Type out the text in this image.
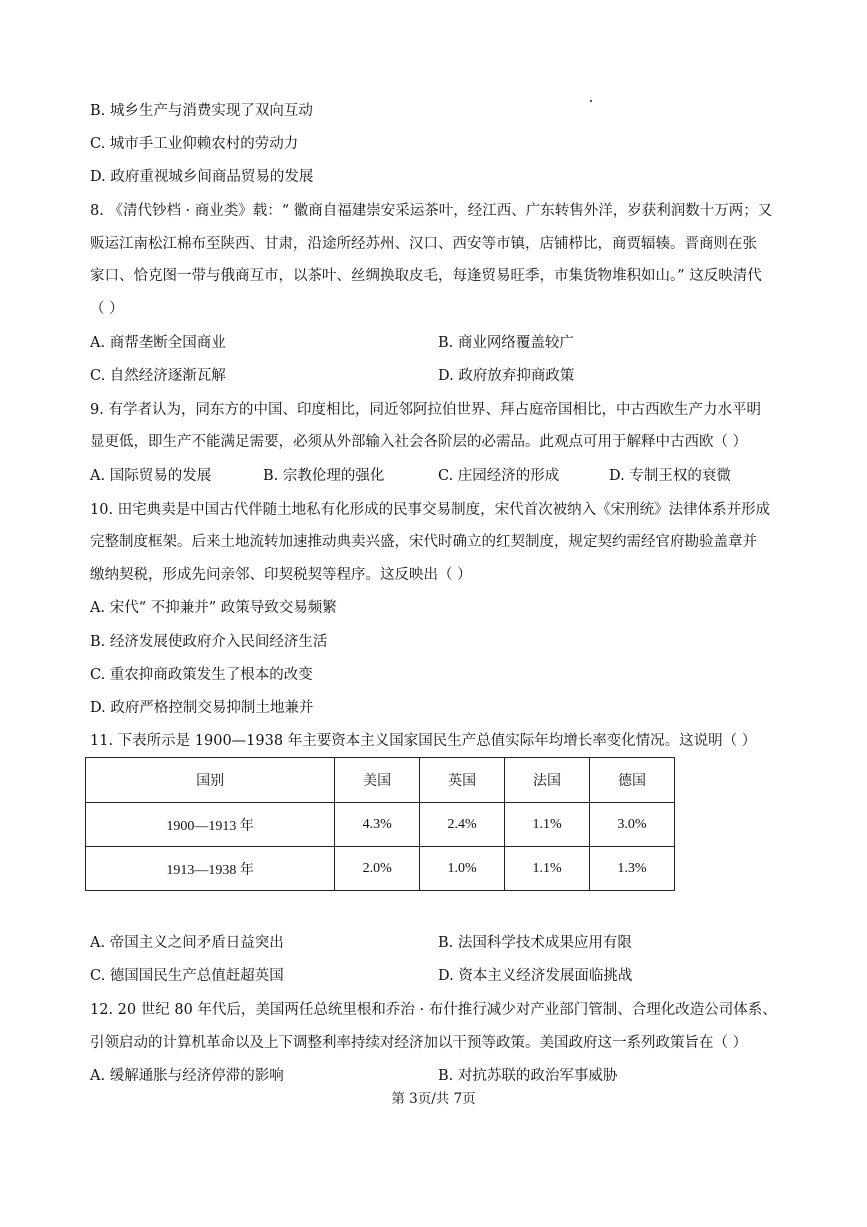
B. 城乡生产与消费实现了双向互动
C. 城市手工业仰赖农村的劳动力
D. 政府重视城乡间商品贸易的发展
8. 《清代钞档 · 商业类》载：“ 徽商自福建崇安采运茶叶，经江西、广东转售外洋，岁获利润数十万两；又
贩运江南松江棉布至陕西、甘肃，沿途所经苏州、汉口、西安等市镇，店铺栉比，商贾辐辏。晋商则在张
家口、恰克图一带与俄商互市，以茶叶、丝绸换取皮毛，每逢贸易旺季，市集货物堆积如山。” 这反映清代
（ ）
A. 商帮垄断全国商业	B. 商业网络覆盖较广
C. 自然经济逐渐瓦解	D. 政府放弃抑商政策
9. 有学者认为，同东方的中国、印度相比，同近邻阿拉伯世界、拜占庭帝国相比，中古西欧生产力水平明
显更低，即生产不能满足需要，必须从外部输入社会各阶层的必需品。此观点可用于解释中古西欧（ ）
A. 国际贸易的发展	B. 宗教伦理的强化	C. 庄园经济的形成	D. 专制王权的衰微
10. 田宅典卖是中国古代伴随土地私有化形成的民事交易制度，宋代首次被纳入《宋刑统》法律体系并形成
完整制度框架。后来土地流转加速推动典卖兴盛，宋代时确立的红契制度，规定契约需经官府勘验盖章并
缴纳契税，形成先问亲邻、印契税契等程序。这反映出（ ）
A. 宋代“ 不抑兼并” 政策导致交易频繁
B. 经济发展使政府介入民间经济生活
C. 重农抑商政策发生了根本的改变
D. 政府严格控制交易抑制土地兼并
11. 下表所示是 1900—1938 年主要资本主义国家国民生产总值实际年均增长率变化情况。这说明（ ）
国别	美国	英国	法国	德国
1900—1913 年	4.3%	2.4%	1.1%	3.0%
1913—1938 年	2.0%	1.0%	1.1%	1.3%
A. 帝国主义之间矛盾日益突出	B. 法国科学技术成果应用有限
C. 德国国民生产总值赶超英国	D. 资本主义经济发展面临挑战
12. 20 世纪 80 年代后，美国两任总统里根和乔治 · 布什推行减少对产业部门管制、合理化改造公司体系、
引领启动的计算机革命以及上下调整利率持续对经济加以干预等政策。美国政府这一系列政策旨在（ ）
A. 缓解通胀与经济停滞的影响	B. 对抗苏联的政治军事威胁
第 3页/共 7页
